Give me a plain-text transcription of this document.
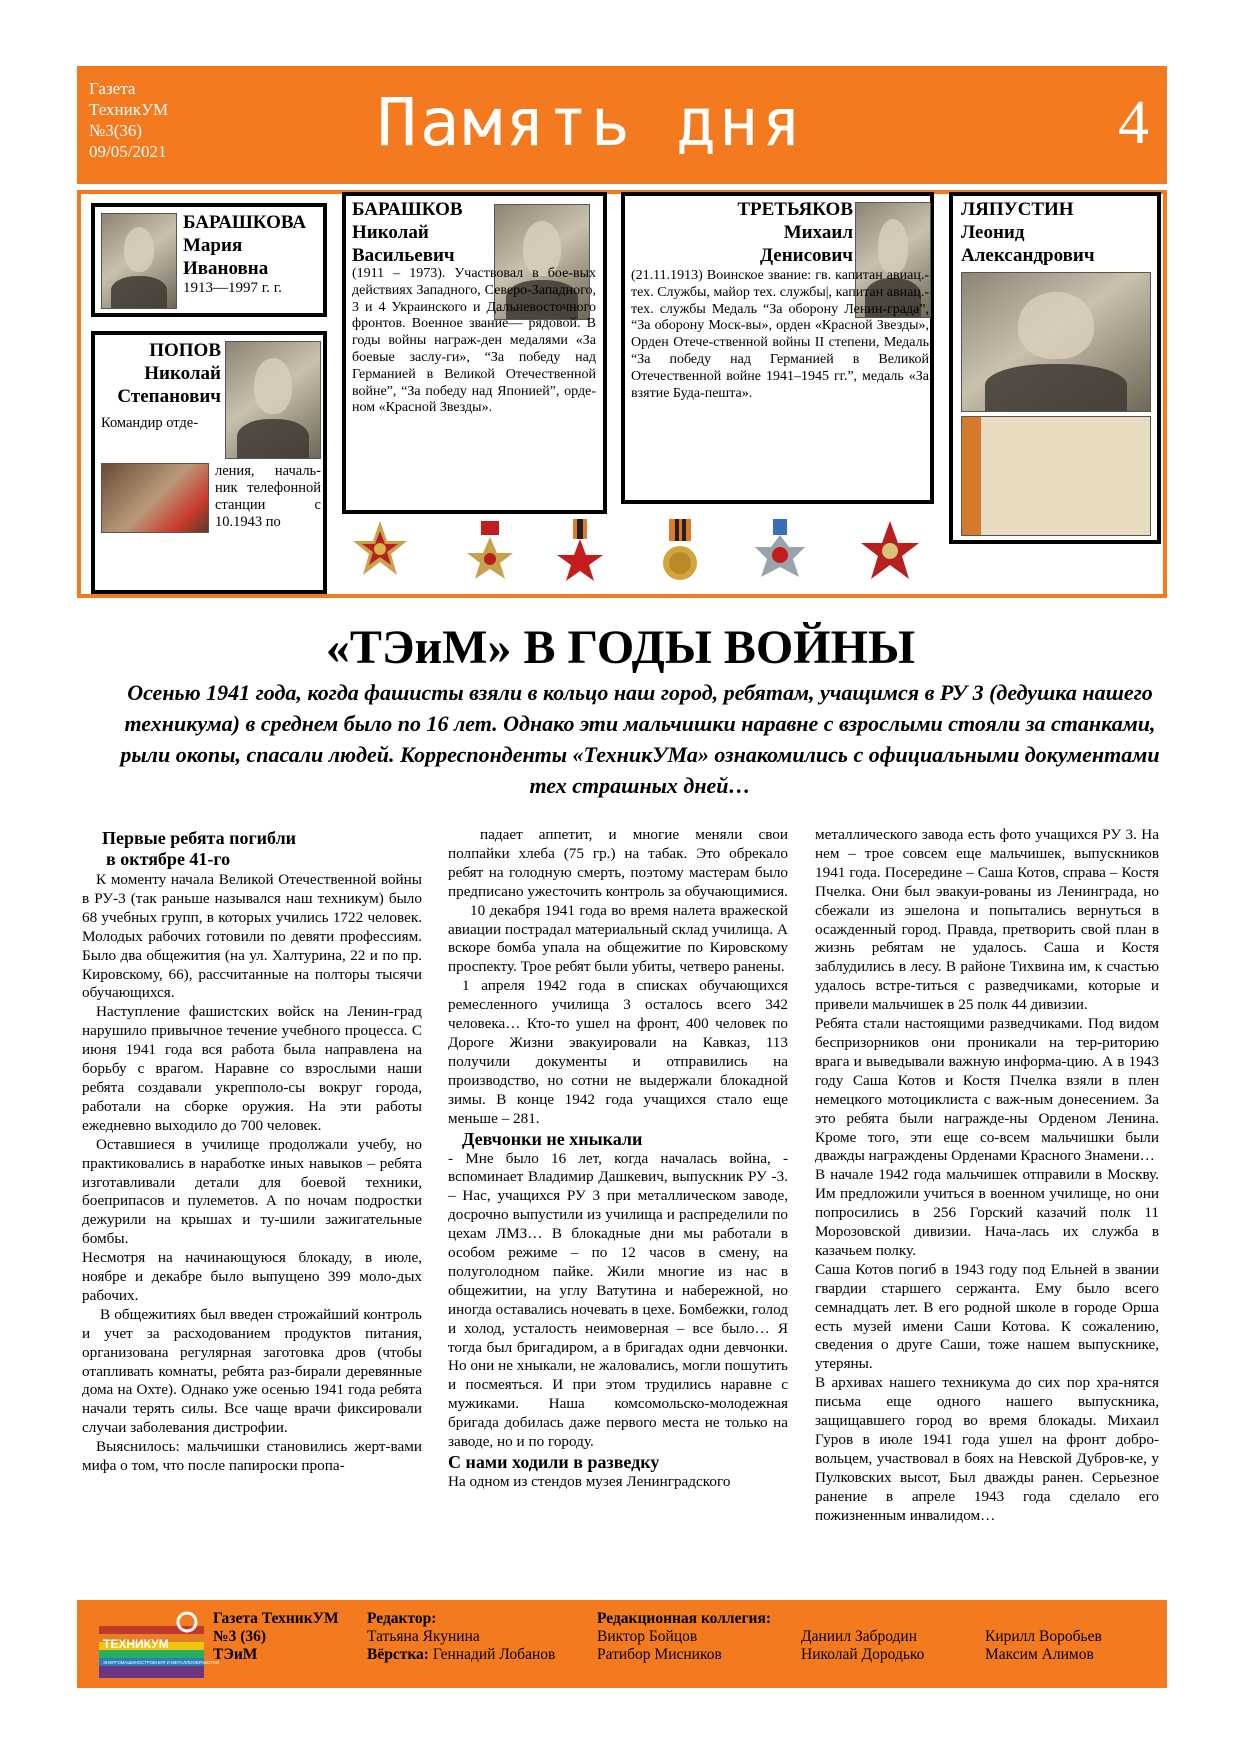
Газета
ТехникУМ
№3(36)
09/05/2021	Память дня	4
БАРАШКОВА
Мария
Ивановна
1913—1997 г. г.
ПОПОВ
Николай
Степанович
Командир отде-
ления, началь-ник телефонной станции с 10.1943 по
БАРАШКОВ
Николай
Васильевич
(1911 – 1973). Участвовал в бое-вых действиях Западного, Северо-Западного, 3 и 4 Украинского и Дальневосточного фронтов. Военное звание— рядовой. В годы войны награж-ден медалями «За боевые заслу-ги», “За победу над Германией в Великой Отечественной войне”, “За победу над Японией”, орде-ном «Красной Звезды».
ТРЕТЬЯКОВ
Михаил
Денисович
(21.11.1913) Воинское звание: гв. капитан авиац.-тех. Службы, майор тех. службы|, капитан авиац.-тех. службы Медаль “За оборону Ленин-града”, “За оборону Моск-вы», орден «Красной Звезды», Орден Отече-ственной войны II степени, Медаль “За победу над Германией в Великой Отечественной войне 1941–1945 гг.”, медаль «За взятие Буда-пешта».
ЛЯПУСТИН
Леонид
Александрович
«ТЭиМ» В ГОДЫ ВОЙНЫ
Осенью 1941 года, когда фашисты взяли в кольцо наш город, ребятам, учащимся в РУ 3 (дедушка нашего техникума) в среднем было по 16 лет. Однако эти мальчишки наравне с взрослыми стояли за станками, рыли окопы, спасали людей. Корреспонденты «ТехникУМа» ознакомились с официальными документами тех страшных дней…
Первые ребята погибли
в октябре 41-го

К моменту начала Великой Отечественной войны в РУ-3 (так раньше назывался наш техникум) было 68 учебных групп, в которых учились 1722 человек. Молодых рабочих готовили по девяти профессиям. Было два общежития (на ул. Халтурина, 22 и по пр. Кировскому, 66), рассчитанные на полторы тысячи обучающихся.

Наступление фашистских войск на Ленин-град нарушило привычное течение учебного процесса. С июня 1941 года вся работа была направлена на борьбу с врагом. Наравне со взрослыми наши ребята создавали укрепполо-сы вокруг города, работали на сборке оружия. На эти работы ежедневно выходило до 700 человек.

Оставшиеся в училище продолжали учебу, но практиковались в наработке иных навыков – ребята изготавливали детали для боевой техники, боеприпасов и пулеметов. А по ночам подростки дежурили на крышах и ту-шили зажигательные бомбы.

Несмотря на начинающуюся блокаду, в июле, ноябре и декабре было выпущено 399 моло-дых рабочих.

В общежитиях был введен строжайший контроль и учет за расходованием продуктов питания, организована регулярная заготовка дров (чтобы отапливать комнаты, ребята раз-бирали деревянные дома на Охте). Однако уже осенью 1941 года ребята начали терять силы. Все чаще врачи фиксировали случаи заболевания дистрофии.

Выяснилось: мальчишки становились жерт-вами мифа о том, что после папироски пропа-

падает аппетит, и многие меняли свои полпайки хлеба (75 гр.) на табак. Это обрекало ребят на голодную смерть, поэтому мастерам было предписано ужесточить контроль за обучающимися.

10 декабря 1941 года во время налета вражеской авиации пострадал материальный склад училища. А вскоре бомба упала на общежитие по Кировскому проспекту. Трое ребят были убиты, четверо ранены.

1 апреля 1942 года в списках обучающихся ремесленного училища 3 осталось всего 342 человека… Кто-то ушел на фронт, 400 человек по Дороге Жизни эвакуировали на Кавказ, 113 получили документы и отправились на производство, но сотни не выдержали блокадной зимы. В конце 1942 года учащихся стало еще меньше – 281.

Девчонки не хныкали

- Мне было 16 лет, когда началась война, - вспоминает Владимир Дашкевич, выпускник РУ -3. – Нас, учащихся РУ 3 при металлическом заводе, досрочно выпустили из училища и распределили по цехам ЛМЗ… В блокадные дни мы работали в особом режиме – по 12 часов в смену, на полуголодном пайке. Жили многие из нас в общежитии, на углу Ватутина и набережной, но иногда оставались ночевать в цехе. Бомбежки, голод и холод, усталость неимоверная – все было… Я тогда был бригадиром, а в бригадах одни девчонки. Но они не хныкали, не жаловались, могли пошутить и посмеяться. И при этом трудились наравне с мужиками. Наша комсомольско-молодежная бригада добилась даже первого места не только на заводе, но и по городу.

С нами ходили в разведку

На одном из стендов музея Ленинградского

металлического завода есть фото учащихся РУ 3. На нем – трое совсем еще мальчишек, выпускников 1941 года. Посередине – Саша Котов, справа – Костя Пчелка. Они был эвакуи-рованы из Ленинграда, но сбежали из эшелона и попытались вернуться в осажденный город. Правда, претворить свой план в жизнь ребятам не удалось. Саша и Костя заблудились в лесу. В районе Тихвина им, к счастью удалось встре-титься с разведчиками, которые и привели мальчишек в 25 полк 44 дивизии.

Ребята стали настоящими разведчиками. Под видом беспризорников они проникали на тер-риторию врага и выведывали важную информа-цию. А в 1943 году Саша Котов и Костя Пчелка взяли в плен немецкого мотоциклиста с важ-ным донесением. За это ребята были награжде-ны Орденом Ленина. Кроме того, эти еще со-всем мальчишки были дважды награждены Орденами Красного Знамени…

В начале 1942 года мальчишек отправили в Москву. Им предложили учиться в военном училище, но они попросились в 256 Горский казачий полк 11 Морозовской дивизии. Нача-лась их служба в казачьем полку.

Саша Котов погиб в 1943 году под Ельней в звании гвардии старшего сержанта. Ему было всего семнадцать лет. В его родной школе в городе Орша есть музей имени Саши Котова. К сожалению, сведения о друге Саши, тоже нашем выпускнике, утеряны.

В архивах нашего техникума до сих пор хра-нятся письма еще одного нашего выпускника, защищавшего город во время блокады. Михаил Гуров в июле 1941 года ушел на фронт добро-вольцем, участвовал в боях на Невской Дубров-ке, у Пулковских высот, Был дважды ранен. Серьезное ранение в апреле 1943 года сделало его пожизненным инвалидом…

ТЕХНИКУМ
ЭНЕРГОМАШИНОСТРОЕНИЯ И МЕТАЛЛООБРАБОТКИ
Газета ТехникУМ
№3 (36)
ТЭиМ
Редактор:
Татьяна Якунина
Вёрстка: Геннадий Лобанов
Редакционная коллегия:
Виктор Бойцов
Ратибор Мисников
Даниил Забродин
Николай Дородько
Кирилл Воробьев
Максим Алимов
